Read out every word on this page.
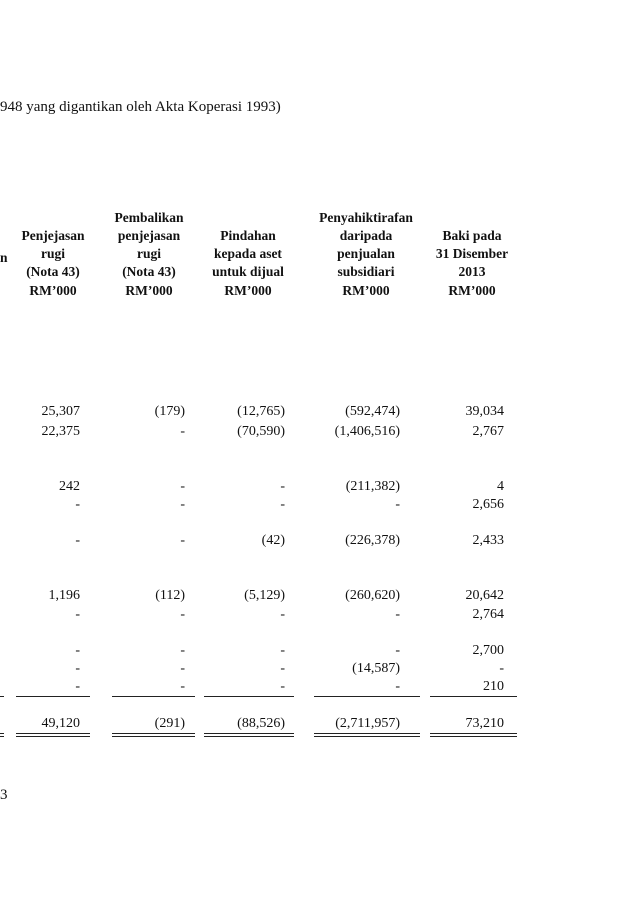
948 yang digantikan oleh Akta Koperasi 1993)
n
Penjejasan
rugi
(Nota 43)
RM’000
Pembalikan
penjejasan
rugi
(Nota 43)
RM’000
Pindahan
kepada aset
untuk dijual
RM’000
Penyahiktirafan
daripada
penjualan
subsidiari
RM’000
Baki pada
31 Disember
2013
RM’000
25,307	(179)	(12,765)	(592,474)	39,034
22,375	-	(70,590)	(1,406,516)	2,767
242	-	-	(211,382)	4
-	-	-	-	2,656
-	-	(42)	(226,378)	2,433
1,196	(112)	(5,129)	(260,620)	20,642
-	-	-	-	2,764
-	-	-	-	2,700
-	-	-	(14,587)	-
-	-	-	-	210
49,120	(291)	(88,526)	(2,711,957)	73,210
3
